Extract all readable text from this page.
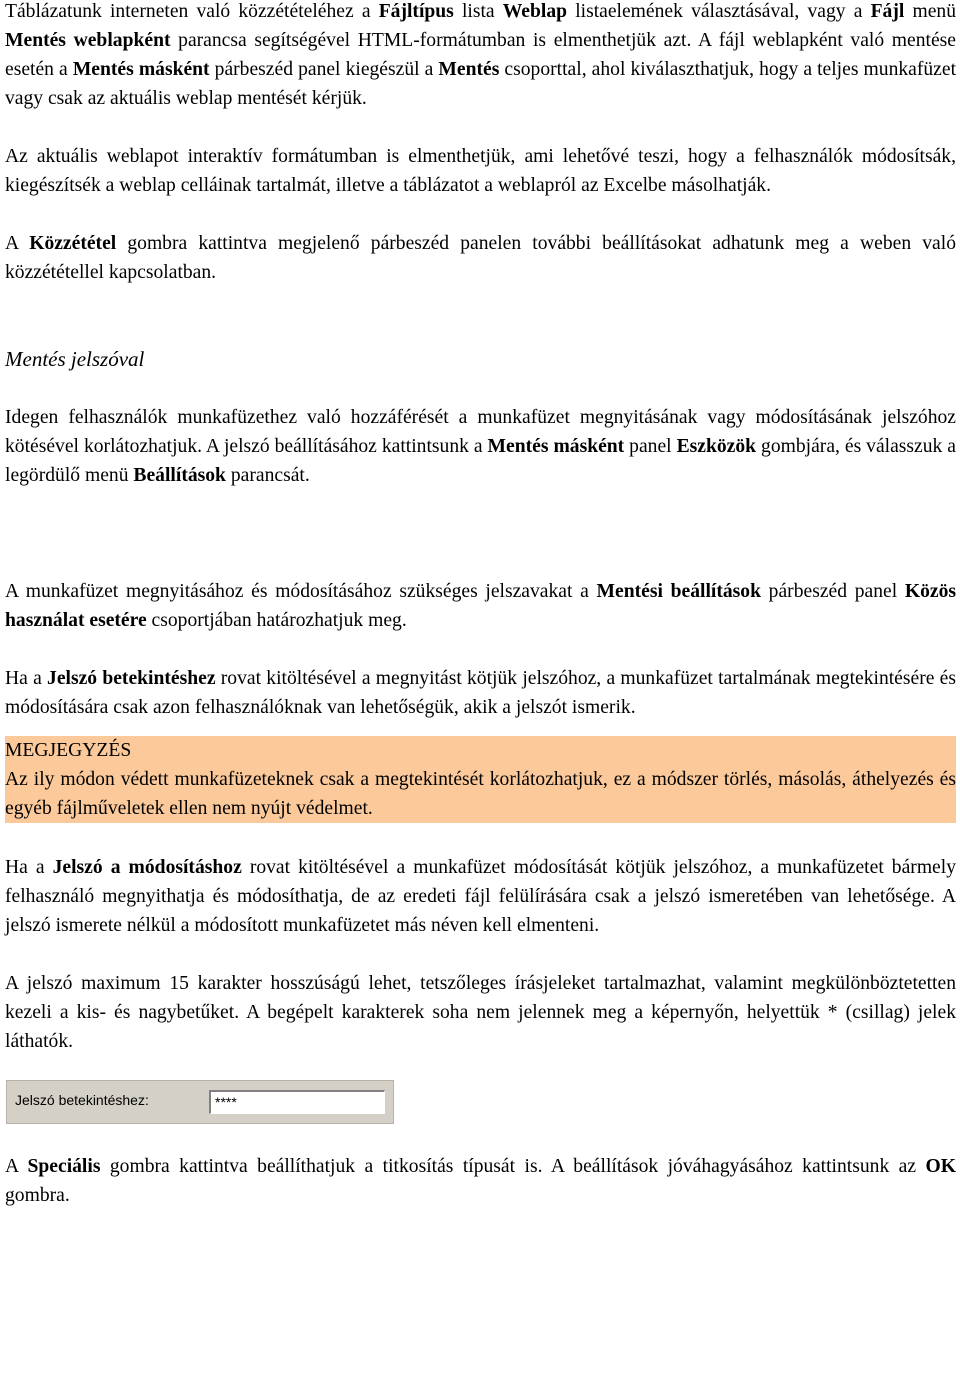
Táblázatunk interneten való közzétételéhez a Fájltípus lista Weblap listaelemének választásával, vagy a Fájl menü Mentés weblapként parancsa segítségével HTML-formátumban is elmenthetjük azt. A fájl weblapként való mentése esetén a Mentés másként párbeszéd panel kiegészül a Mentés csoporttal, ahol kiválaszthatjuk, hogy a teljes munkafüzet vagy csak az aktuális weblap mentését kérjük.

Az aktuális weblapot interaktív formátumban is elmenthetjük, ami lehetővé teszi, hogy a felhasználók módosítsák, kiegészítsék a weblap celláinak tartalmát, illetve a táblázatot a weblapról az Excelbe másolhatják.

A Közzététel gombra kattintva megjelenő párbeszéd panelen további beállításokat adhatunk meg a weben való közzététellel kapcsolatban.

Mentés jelszóval

Idegen felhasználók munkafüzethez való hozzáférését a munkafüzet megnyitásának vagy módosításának jelszóhoz kötésével korlátozhatjuk. A jelszó beállításához kattintsunk a Mentés másként panel Eszközök gombjára, és válasszuk a legördülő menü Beállítások parancsát.

A munkafüzet megnyitásához és módosításához szükséges jelszavakat a Mentési beállítások párbeszéd panel Közös használat esetére csoportjában határozhatjuk meg.

Ha a Jelszó betekintéshez rovat kitöltésével a megnyitást kötjük jelszóhoz, a munkafüzet tartalmának megtekintésére és módosítására csak azon felhasználóknak van lehetőségük, akik a jelszót ismerik.

MEGJEGYZÉS

Az ily módon védett munkafüzeteknek csak a megtekintését korlátozhatjuk, ez a módszer törlés, másolás, áthelyezés és egyéb fájlműveletek ellen nem nyújt védelmet.

Ha a Jelszó a módosításhoz rovat kitöltésével a munkafüzet módosítását kötjük jelszóhoz, a munkafüzetet bármely felhasználó megnyithatja és módosíthatja, de az eredeti fájl felülírására csak a jelszó ismeretében van lehetősége. A jelszó ismerete nélkül a módosított munkafüzetet más néven kell elmenteni.

A jelszó maximum 15 karakter hosszúságú lehet, tetszőleges írásjeleket tartalmazhat, valamint megkülönböztetetten kezeli a kis- és nagybetűket. A begépelt karakterek soha nem jelennek meg a képernyőn, helyettük * (csillag) jelek láthatók.

Jelszó betekintéshez:	****

A Speciális gombra kattintva beállíthatjuk a titkosítás típusát is. A beállítások jóváhagyásához kattintsunk az OK gombra.
